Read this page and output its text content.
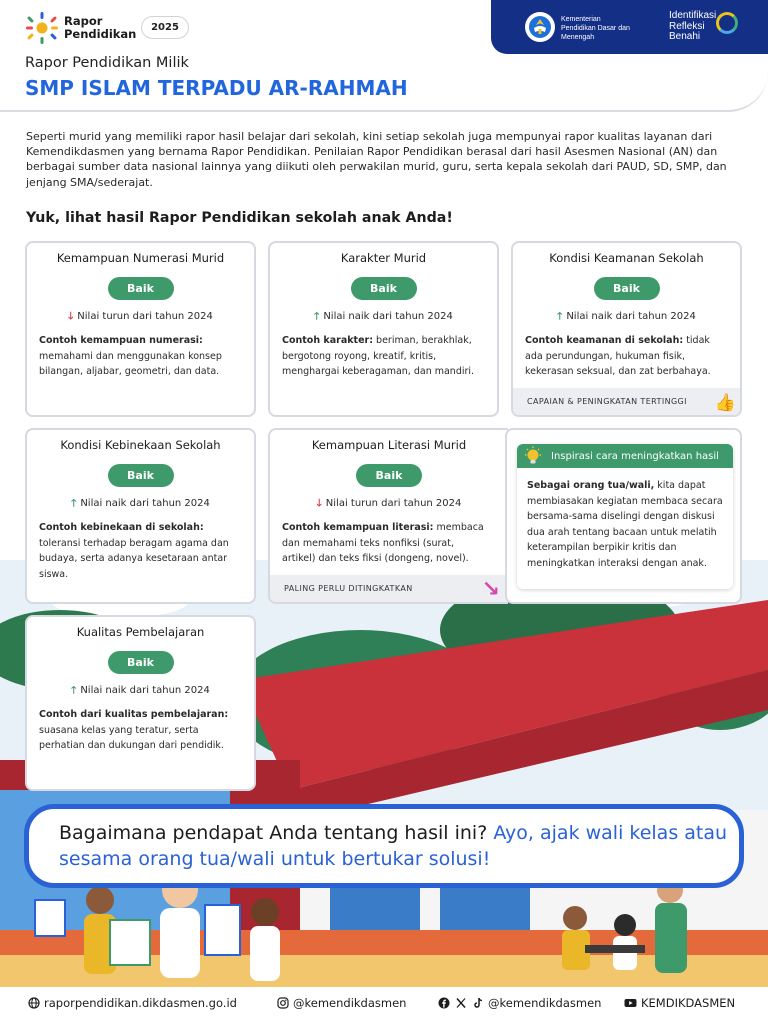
Rapor
Pendidikan	2025
Kementerian
Pendidikan Dasar dan
Menengah
Identifikasi
Refleksi
Benahi
Rapor Pendidikan Milik
SMP ISLAM TERPADU AR-RAHMAH
Seperti murid yang memiliki rapor hasil belajar dari sekolah, kini setiap sekolah juga mempunyai rapor kualitas layanan dari Kemendikdasmen yang bernama Rapor Pendidikan. Penilaian Rapor Pendidikan berasal dari hasil Asesmen Nasional (AN) dan berbagai sumber data nasional lainnya yang diikuti oleh perwakilan murid, guru, serta kepala sekolah dari PAUD, SD, SMP, dan jenjang SMA/sederajat.
Yuk, lihat hasil Rapor Pendidikan sekolah anak Anda!
Kemampuan Numerasi Murid
Baik
🡓 Nilai turun dari tahun 2024
Contoh kemampuan numerasi:
memahami dan menggunakan konsep bilangan, aljabar, geometri, dan data.
Karakter Murid
Baik
🡑 Nilai naik dari tahun 2024
Contoh karakter: beriman, berakhlak, bergotong royong, kreatif, kritis, menghargai keberagaman, dan mandiri.
Kondisi Keamanan Sekolah
Baik
🡑 Nilai naik dari tahun 2024
Contoh keamanan di sekolah: tidak ada perundungan, hukuman fisik, kekerasan seksual, dan zat berbahaya.
CAPAIAN & PENINGKATAN TERTINGGI	👍
Kondisi Kebinekaan Sekolah
Baik
🡑 Nilai naik dari tahun 2024
Contoh kebinekaan di sekolah: toleransi terhadap beragam agama dan budaya, serta adanya kesetaraan antar siswa.
Kemampuan Literasi Murid
Baik
🡓 Nilai turun dari tahun 2024
Contoh kemampuan literasi: membaca dan memahami teks nonfiksi (surat, artikel) dan teks fiksi (dongeng, novel).
PALING PERLU DITINGKATKAN	↘
Inspirasi cara meningkatkan hasil
Sebagai orang tua/wali, kita dapat membiasakan kegiatan membaca secara bersama-sama diselingi dengan diskusi dua arah tentang bacaan untuk melatih keterampilan berpikir kritis dan meningkatkan interaksi dengan anak.
Kualitas Pembelajaran
Baik
🡑 Nilai naik dari tahun 2024
Contoh dari kualitas pembelajaran:
suasana kelas yang teratur, serta perhatian dan dukungan dari pendidik.
Bagaimana pendapat Anda tentang hasil ini? Ayo, ajak wali kelas atau sesama orang tua/wali untuk bertukar solusi!
raporpendidikan.dikdasmen.go.id	@kemendikdasmen	@kemendikdasmen	KEMDIKDASMEN
